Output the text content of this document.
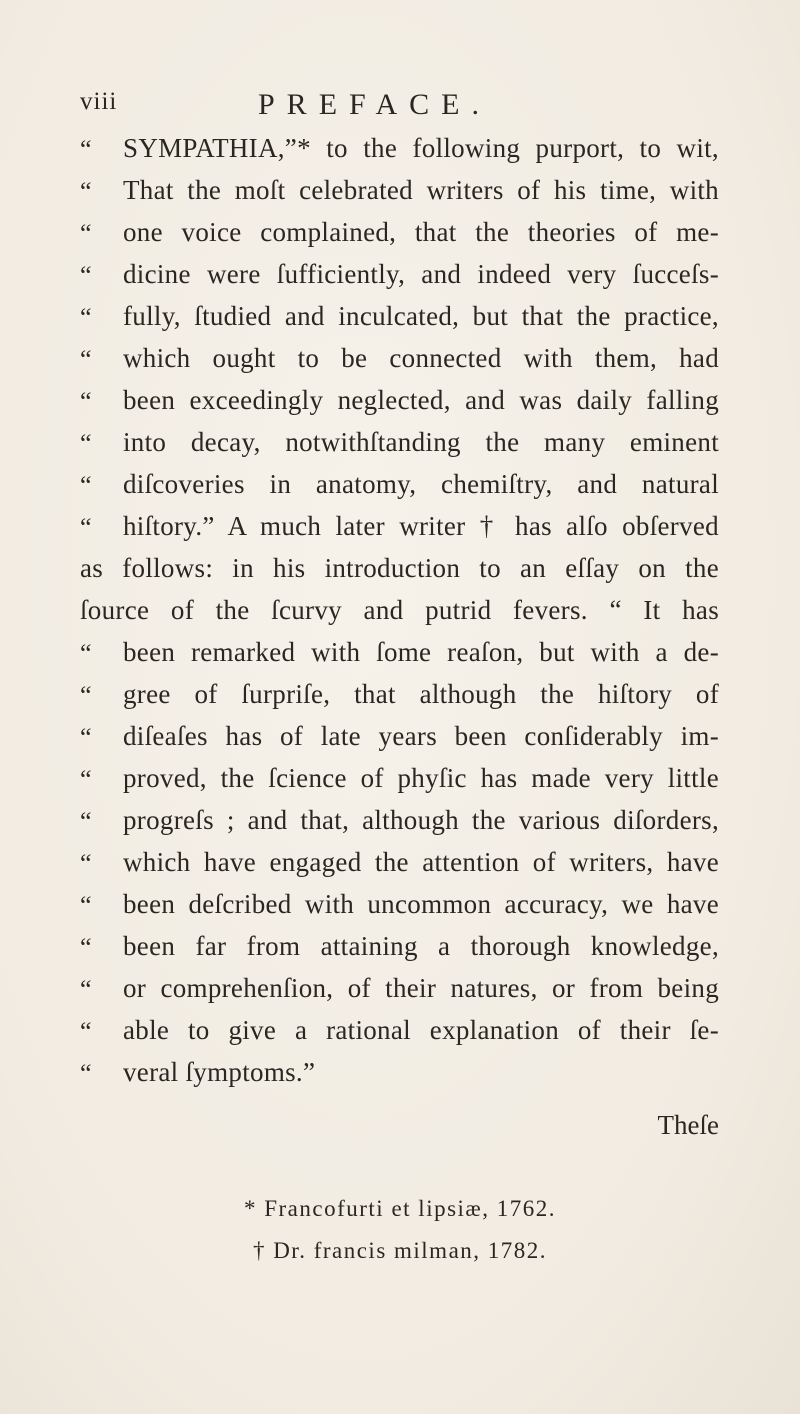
viii	PREFACE.
“ SYMPATHIA,”* to the following purport, to wit,
“ That the moſt celebrated writers of his time, with
“ one voice complained, that the theories of me-
“ dicine were ſufficiently, and indeed very ſucceſs-
“ fully, ſtudied and inculcated, but that the practice,
“ which ought to be connected with them, had
“ been exceedingly neglected, and was daily falling
“ into decay, notwithſtanding the many eminent
“ diſcoveries in anatomy, chemiſtry, and natural
“ hiſtory.” A much later writer † has alſo obſerved
as follows: in his introduction to an eſſay on the
ſource of the ſcurvy and putrid fevers. “ It has
“ been remarked with ſome reaſon, but with a de-
“ gree of ſurpriſe, that although the hiſtory of
“ diſeaſes has of late years been conſiderably im-
“ proved, the ſcience of phyſic has made very little
“ progreſs ; and that, although the various diſorders,
“ which have engaged the attention of writers, have
“ been deſcribed with uncommon accuracy, we have
“ been far from attaining a thorough knowledge,
“ or comprehenſion, of their natures, or from being
“ able to give a rational explanation of their ſe-
“ veral ſymptoms.”
Theſe
* Francofurti et lipsiæ, 1762.
† Dr. francis milman, 1782.
